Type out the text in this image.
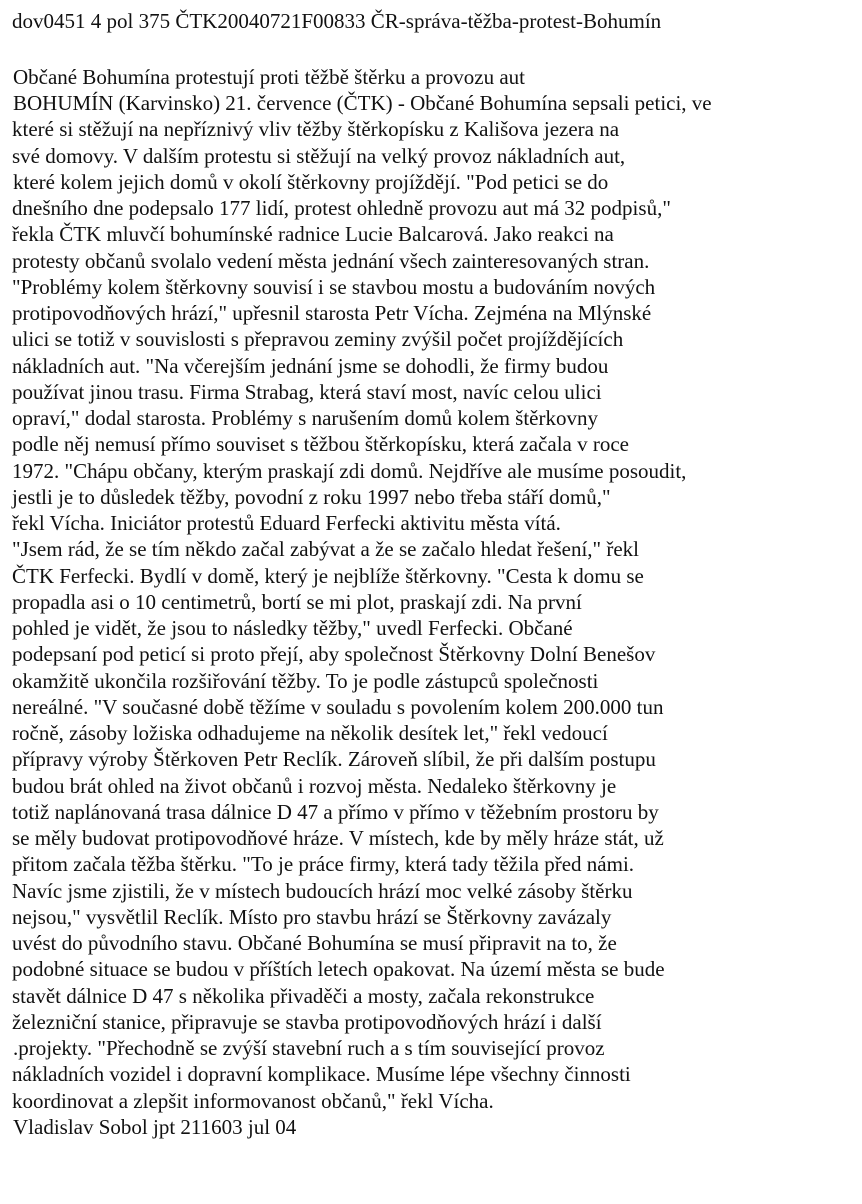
dov0451 4 pol 375 ČTK20040721F00833 ČR-správa-těžba-protest-Bohumín
Občané Bohumína protestují proti těžbě štěrku a provozu aut
BOHUMÍN (Karvinsko) 21. července (ČTK) - Občané Bohumína sepsali petici, ve
které si stěžují na nepříznivý vliv těžby štěrkopísku z Kališova jezera na
své domovy. V dalším protestu si stěžují na velký provoz nákladních aut,
které kolem jejich domů v okolí štěrkovny projíždějí. "Pod petici se do
dnešního dne podepsalo 177 lidí, protest ohledně provozu aut má 32 podpisů,"
řekla ČTK mluvčí bohumínské radnice Lucie Balcarová. Jako reakci na
protesty občanů svolalo vedení města jednání všech zainteresovaných stran.
"Problémy kolem štěrkovny souvisí i se stavbou mostu a budováním nových
protipovodňových hrází," upřesnil starosta Petr Vícha. Zejména na Mlýnské
ulici se totiž v souvislosti s přepravou zeminy zvýšil počet projíždějících
nákladních aut. "Na včerejším jednání jsme se dohodli, že firmy budou
používat jinou trasu. Firma Strabag, která staví most, navíc celou ulici
opraví," dodal starosta. Problémy s narušením domů kolem štěrkovny
podle něj nemusí přímo souviset s těžbou štěrkopísku, která začala v roce
1972. "Chápu občany, kterým praskají zdi domů. Nejdříve ale musíme posoudit,
jestli je to důsledek těžby, povodní z roku 1997 nebo třeba stáří domů,"
řekl Vícha. Iniciátor protestů Eduard Ferfecki aktivitu města vítá.
"Jsem rád, že se tím někdo začal zabývat a že se začalo hledat řešení," řekl
ČTK Ferfecki. Bydlí v domě, který je nejblíže štěrkovny. "Cesta k domu se
propadla asi o 10 centimetrů, bortí se mi plot, praskají zdi. Na první
pohled je vidět, že jsou to následky těžby," uvedl Ferfecki. Občané
podepsaní pod peticí si proto přejí, aby společnost Štěrkovny Dolní Benešov
okamžitě ukončila rozšiřování těžby. To je podle zástupců společnosti
nereálné. "V současné době těžíme v souladu s povolením kolem 200.000 tun
ročně, zásoby ložiska odhadujeme na několik desítek let," řekl vedoucí
přípravy výroby Štěrkoven Petr Reclík. Zároveň slíbil, že při dalším postupu
budou brát ohled na život občanů i rozvoj města. Nedaleko štěrkovny je
totiž naplánovaná trasa dálnice D 47 a přímo v přímo v těžebním prostoru by
se měly budovat protipovodňové hráze. V místech, kde by měly hráze stát, už
přitom začala těžba štěrku. "To je práce firmy, která tady těžila před námi.
Navíc jsme zjistili, že v místech budoucích hrází moc velké zásoby štěrku
nejsou," vysvětlil Reclík. Místo pro stavbu hrází se Štěrkovny zavázaly
uvést do původního stavu. Občané Bohumína se musí připravit na to, že
podobné situace se budou v příštích letech opakovat. Na území města se bude
stavět dálnice D 47 s několika přivaděči a mosty, začala rekonstrukce
železniční stanice, připravuje se stavba protipovodňových hrází i další
.projekty. "Přechodně se zvýší stavební ruch a s tím související provoz
nákladních vozidel i dopravní komplikace. Musíme lépe všechny činnosti
koordinovat a zlepšit informovanost občanů," řekl Vícha.
Vladislav Sobol jpt 211603 jul 04
